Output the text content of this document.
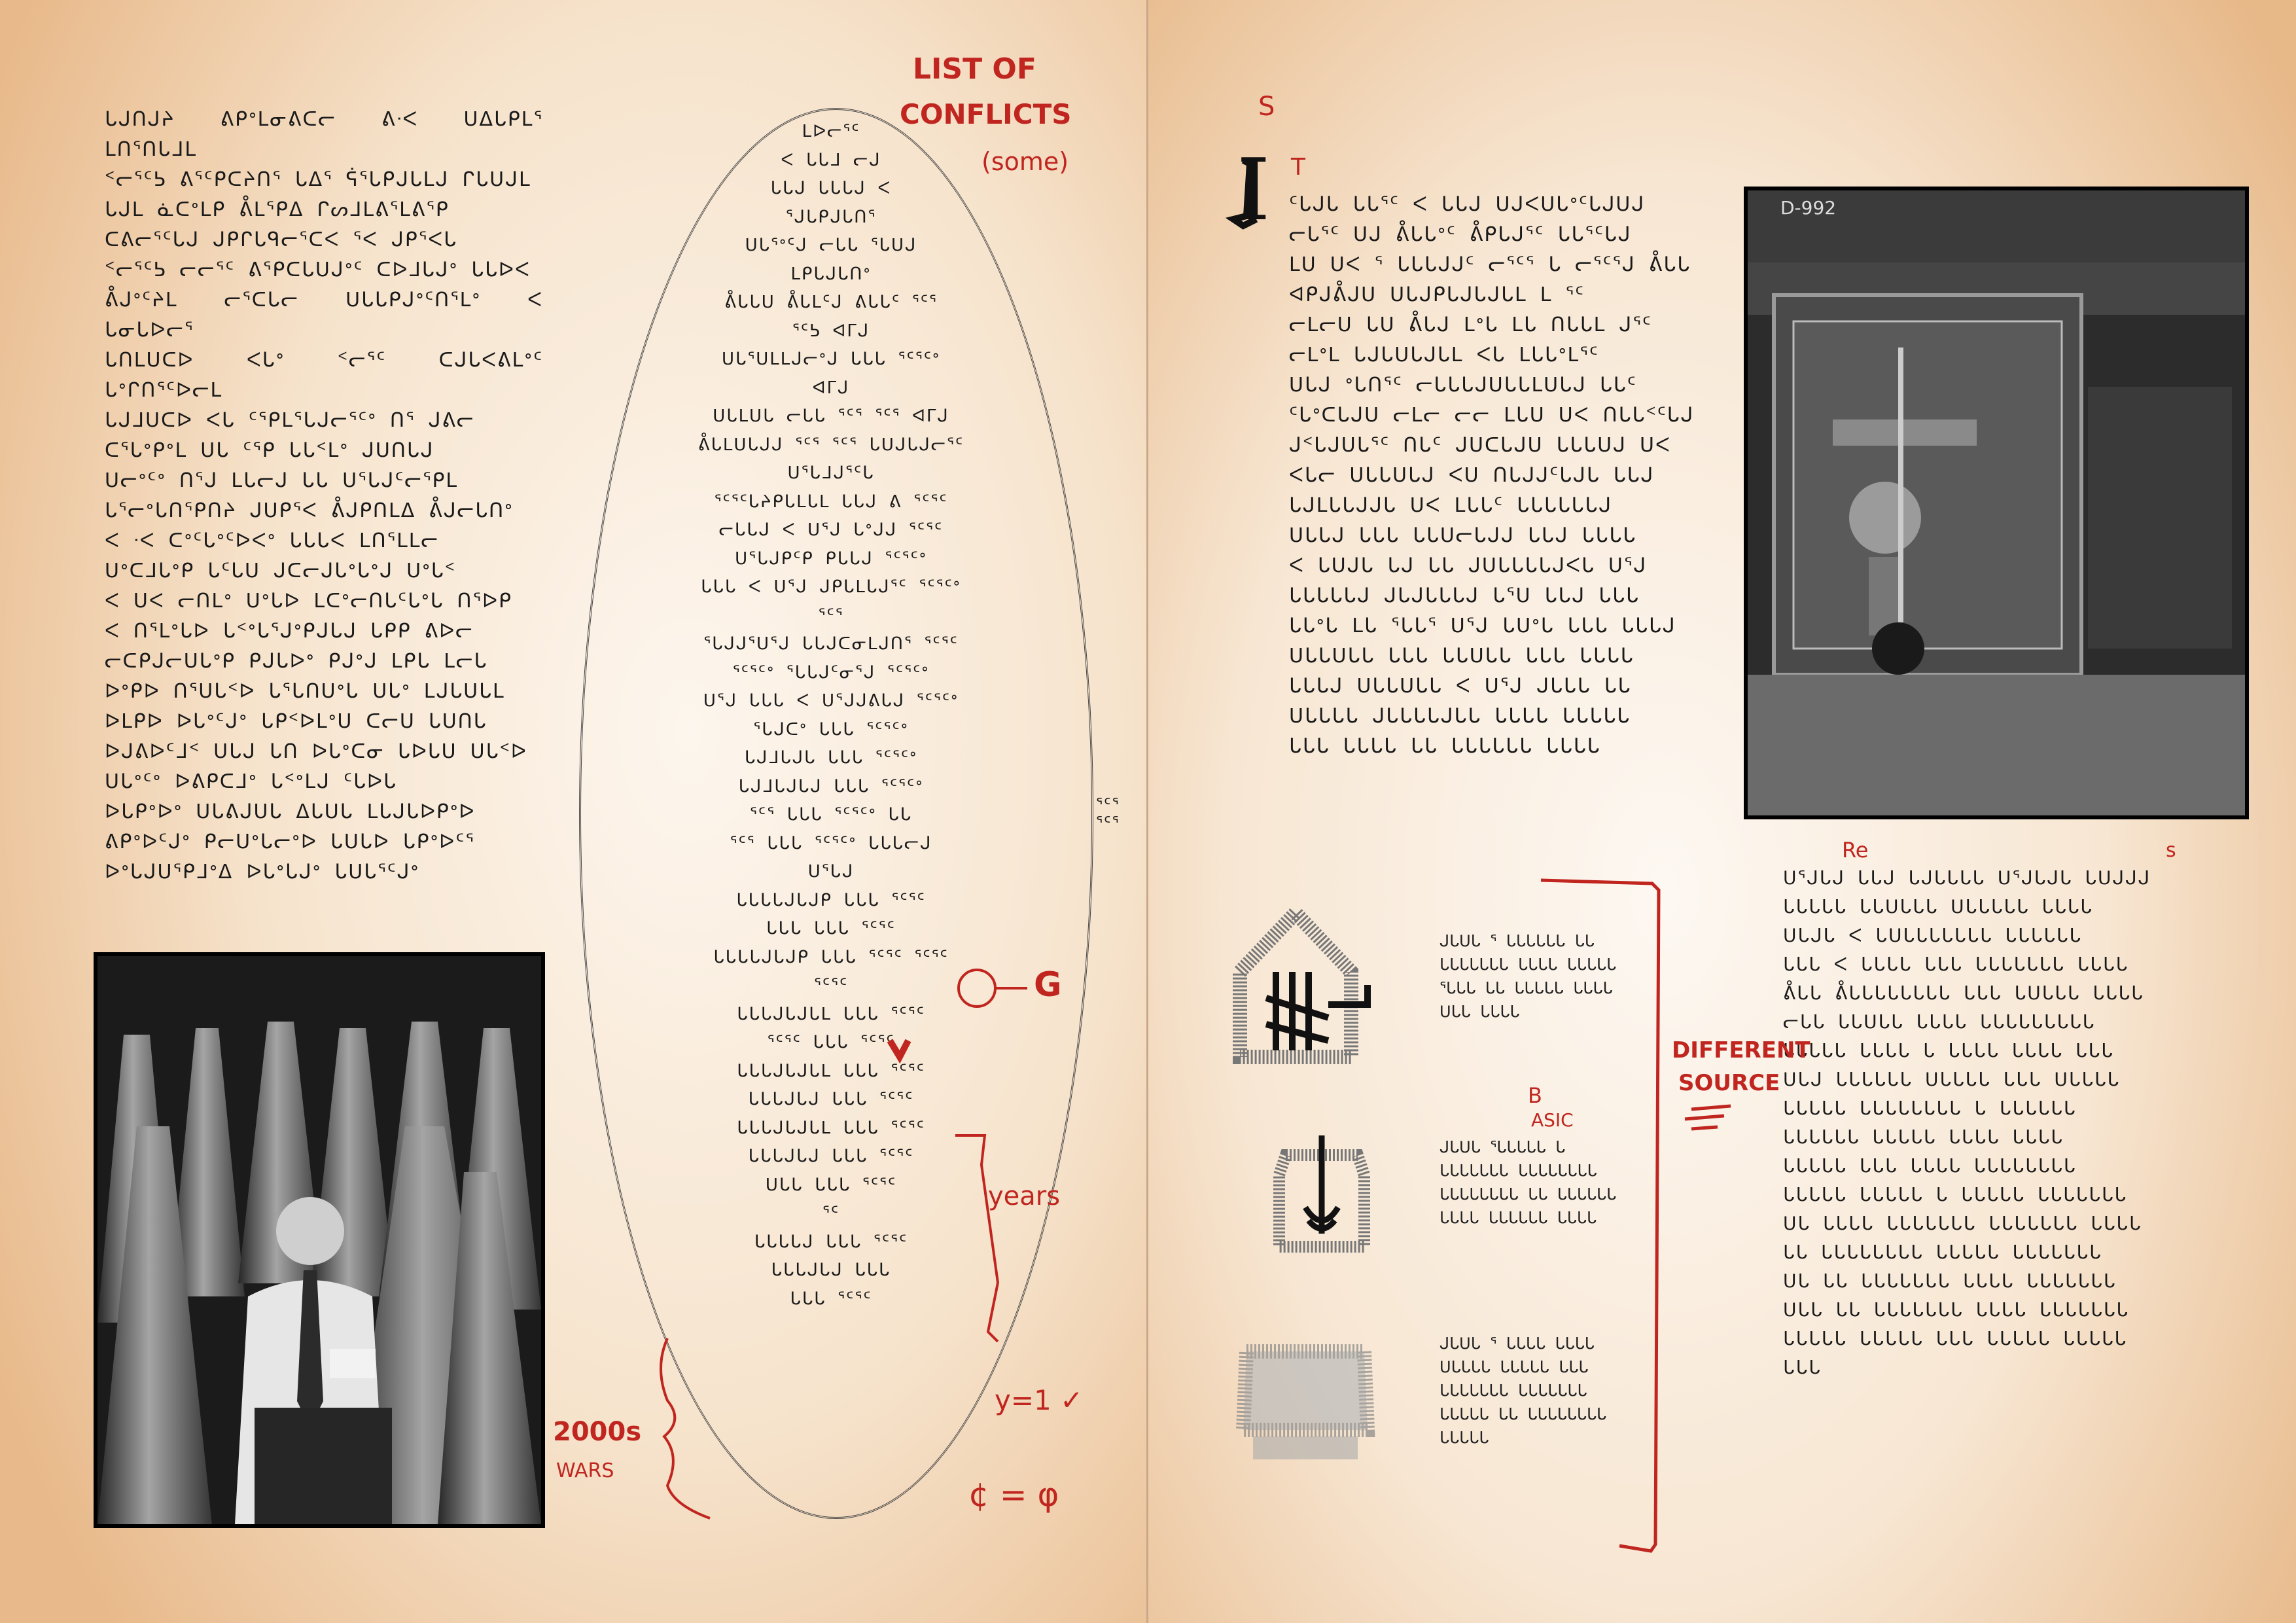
ᒐᒍᑎᒍᔨ ᕕᑭᐤᒪᓂᕕᑕᓕ ᕕᐧᐸ ᑌᐃᒐᑭᒪᕐ ᒪᑎᕐᑎᒐᒧᒪ
ᑉᓕᕐᑦᕊ ᕕᕐᑦᑭᑕᔨᑎᕐ ᒐᐃᕐ ᕌᕐᒐᑭᒍᒐᒪᒍ ᒋᒐᑌᒍᒪ
ᒐᒍᒪ ᓈᑕᐤᒪᑭ ᕔᒪᕐᑭᐃ ᒋᔕᒧᒪᕕᕐᒪᕕᕐᑭ
ᑕᕕᓕᕐᑦᒐᒍ ᒍᑭᒋᒐᑫᓕᕐᑕᐸ ᕐᐸ ᒍᑭᕐᐸᒐ
ᑉᓕᕐᑦᕊ ᓕᓕᕐᑦ ᕕᕐᑭᑕᒐᑌᒍᐤᑦ ᑕᐅᒧᒐᒍᐤ ᒐᒐᐅᐸ
ᕔᒍᐤᑦᔨᒪ ᓕᕐᑕᒐᓕ ᑌᒐᒐᑭᒍᐤᑦᑎᕐᒪᐤ ᐸ ᒐᓂᒐᐅᓕᕐ
ᒐᑎᒪᑌᑕᐅ ᐸᒐᐤ ᑉᓕᕐᑦ ᑕᒍᒐᐸᕕᒪᐤᑦ ᒐᐤᒋᑎᕐᑦᐅᓕᒪ
ᒐᒍᒧᑌᑕᐅ ᐸᒐ ᑦᕐᑭᒪᕐᒐᒍᓕᕐᑦᐤ ᑎᕐ ᒍᕕᓕ
ᑕᕐᒐᐤᑭᐤᒪ ᑌᒐ ᑦᕐᑭ ᒐᒐᑉᒪᐤ ᒍᑌᑎᒐᒍ
ᑌᓕᐤᑦᐤ ᑎᕐᒍ ᒪᒐᓕᒍ ᒐᒐ ᑌᕐᒐᒍᑦᓕᕐᑭᒪ
ᒐᕐᓕᐤᒐᑎᕐᑭᑎᔨ ᒍᑌᑭᕐᐸ ᕔᒍᑭᑎᒪᐃ ᕔᒍᓕᒐᑎᐤ
ᐸ ᐧᐸ ᑕᐤᑦᒐᐤᑦᐅᐸᐤ ᒐᒐᒐᐸ ᒪᑎᕐᒪᒪᓕ
ᑌᐤᑕᒧᒐᐤᑭ ᒐᑦᒐᑌ ᒍᑕᓕᒍᒐᐤᒐᐤᒍ ᑌᐤᒐᑉ
ᐸ ᑌᐸ ᓕᑎᒪᐤ ᑌᐤᒐᐅ ᒪᑕᐤᓕᑎᒐᑦᒐᐤᒐ ᑎᕐᐅᑭ
ᐸ ᑎᕐᒪᐤᒐᐅ ᒐᑉᐤᒐᕐᒍᐤᑭᒍᒐᒍ ᒐᑭᑭ ᕕᐅᓕ
ᓕᑕᑭᒍᓕᑌᒐᐤᑭ ᑭᒍᒐᐅᐤ ᑭᒍᐤᒍ ᒪᑭᒐ ᒪᓕᒐ
ᐅᐤᑭᐅ ᑎᕐᑌᒐᑉᐅ ᒐᕐᒐᑎᑌᐤᒐ ᑌᒐᐤ ᒪᒍᒐᑌᒐᒪ
ᐅᒪᑭᐅ ᐅᒐᐤᑦᒍᐤ ᒐᑭᑉᐅᒪᐤᑌ ᑕᓕᑌ ᒐᑌᑎᒐ
ᐅᒍᕕᐅᑦᒧᑉ ᑌᒐᒍ ᒐᑎ ᐅᒐᐤᑕᓂ ᒐᐅᒐᑌ ᑌᒐᑉᐅ
ᑌᒐᐤᑦᐤ ᐅᕕᑭᑕᒧᐤ ᒐᑉᐤᒪᒍ ᑦᒐᐅᒐ
ᐅᒐᑭᐤᐅᐤ ᑌᒐᕕᒍᑌᒐ ᐃᒐᑌᒐ ᒪᒐᒍᒐᐅᑭᐤᐅ
ᕕᑭᐤᐅᑦᒍᐤ ᑭᓕᑌᐤᒐᓕᐤᐅ ᒐᑌᒐᐅ ᒐᑭᐤᐅᑦᕐ
ᐅᐤᒐᒍᑌᕐᑭᒧᐤᐃ ᐅᒐᐤᒐᒍᐤ ᒐᑌᒐᕐᑦᒍᐤ
ᒪᐅᓕᕐᑦ
ᐸ ᒐᒐᒧ ᓕᒍ
ᒐᒐᒍ ᒐᒐᒐᒍ ᐸ
ᕐᒍᒐᑭᒍᒐᑎᕐ
ᑌᒐᕐᐤᑦᒍ ᓕᒐᒐ ᕐᒐᑌᒍ
ᒪᑭᒐᒍᒐᑎᐤ
ᕔᒐᒐᑌ ᕔᒐᒪᑦᒍ ᕕᒐᒐᑦ ᕐᑦᕐ
ᕐᑦᕊ ᐊᒥᒍ
ᑌᒐᕐᑌᒪᒪᒍᓕᐤᒍ ᒐᒐᒐ ᕐᑦᕐᑦᐤ
ᐊᒥᒍ
ᑌᒐᒪᑌᒐ ᓕᒐᒐ ᕐᑦᕐ ᕐᑦᕐ ᐊᒥᒍ
ᕔᒐᒪᑌᒐᒍᒍ ᕐᑦᕐ ᕐᑦᕐ ᒐᑌᒍᒐᒍᓕᕐᑦ
ᑌᕐᒐᒧᒍᕐᑦᒐ
ᕐᑦᕐᑦᒐᔨᑭᒐᒪᒐᒪ ᒐᒐᒍ ᕕ ᕐᑦᕐᑦ
ᓕᒐᒐᒍ ᐸ ᑌᕐᒍ ᒐᐤᒍᒍ ᕐᑦᕐᑦ
ᑌᕐᒐᒍᑭᑦᑭ ᑭᒐᒐᒍ ᕐᑦᕐᑦᐤ
ᒐᒐᒐ ᐸ ᑌᕐᒍ ᒍᑭᒐᒪᒐᒍᕐᑦ ᕐᑦᕐᑦᐤ
ᕐᑦᕐ
ᕐᒐᒍᒍᕐᑌᕐᒍ ᒐᒐᒍᑕᓂᒪᒍᑎᕐ ᕐᑦᕐᑦ
ᕐᑦᕐᑦᐤ ᕐᒐᒐᒍᑦᓂᕐᒍ ᕐᑦᕐᑦᐤ
ᑌᕐᒍ ᒐᒐᒐ ᐸ ᑌᕐᒍᒍᕕᒐᒍ ᕐᑦᕐᑦᐤ
ᕐᒐᒍᑕᐤ ᒐᒐᒐ ᕐᑦᕐᑦᐤ
ᒐᒍᒧᒐᒍᒐ ᒐᒐᒐ ᕐᑦᕐᑦᐤ
ᒐᒍᒧᒐᒍᒐᒍ ᒐᒐᒐ ᕐᑦᕐᑦᐤ
ᕐᑦᕐ ᒐᒐᒐ ᕐᑦᕐᑦᐤ ᒐᒐ
ᕐᑦᕐ ᒐᒐᒐ ᕐᑦᕐᑦᐤ ᒐᒐᒐᓕᒍ
ᑌᕐᒐᒍ
ᒐᒐᒐᒐᒍᒐᒍᑭ ᒐᒐᒐ ᕐᑦᕐᑦ
ᒐᒐᒐ ᒐᒐᒐ ᕐᑦᕐᑦ
ᒐᒐᒐᒐᒍᒐᒍᑭ ᒐᒐᒐ ᕐᑦᕐᑦ ᕐᑦᕐᑦ
ᕐᑦᕐᑦ
ᒐᒐᒐᒍᒐᒍᒐᒪ ᒐᒐᒐ ᕐᑦᕐᑦ
ᕐᑦᕐᑦ ᒐᒐᒐ ᕐᑦᕐᑦ
ᒐᒐᒐᒍᒐᒍᒐᒪ ᒐᒐᒐ ᕐᑦᕐᑦ
ᒐᒐᒐᒍᒐᒍ ᒐᒐᒐ ᕐᑦᕐᑦ
ᒐᒐᒐᒍᒐᒍᒐᒪ ᒐᒐᒐ ᕐᑦᕐᑦ
ᒐᒐᒐᒍᒐᒍ ᒐᒐᒐ ᕐᑦᕐᑦ
ᑌᒐᒐ ᒐᒐᒐ ᕐᑦᕐᑦ
ᕐᑦ
ᒐᒐᒐᒐᒍ ᒐᒐᒐ ᕐᑦᕐᑦ
ᒐᒐᒐᒍᒐᒍ ᒐᒐᒐ
ᒐᒐᒐ ᕐᑦᕐᑦ
ᕐᑦᕐ ᕐᑦᕐ
LIST OF
CONFLICTS
(some)
years
G
y=1 ✓
¢ = φ
2000s
WARS
I ᑦᒐᒍᒐ ᒐᒐᕐᑦ ᐸ ᒐᒐᒍ ᑌᒍᐸᑌᒐᐤᑦᒐᒍᑌᒍ
ᓕᒐᕐᑦ ᑌᒍ ᕔᒐᒐᐤᑦ ᕔᑭᒐᒍᕐᑦ ᒐᒐᕐᑦᒐᒍ
ᒪᑌ ᑌᐸ ᕐ ᒐᒐᒐᒍᒍᑦ ᓕᕐᑦᕐ ᒐ ᓕᕐᑦᕐᒍ ᕔᒐᒐ
ᐊᑭᒍᕔᒍᑌ ᑌᒐᒍᑭᒐᒍᒐᒍᒐᒪ ᒪ ᕐᑦ
ᓕᒪᓕᑌ ᒐᑌ ᕔᒐᒍ ᒪᐤᒐ ᒪᒐ ᑎᒐᒐᒪ ᒍᕐᑦ
ᓕᒪᐤᒪ ᒐᒍᒐᑌᒐᒍᒐᒪ ᐸᒐ ᒪᒐᒐᐤᒪᕐᑦ
ᑌᒐᒍ ᐤᒐᑎᕐᑦ ᓕᒐᒐᒐᒍᑌᒐᒐᒪᑌᒐᒍ ᒐᒐᑦ
ᑦᒐᐤᑕᒐᒍᑌ ᓕᒪᓕ ᓕᓕ ᒪᒐᑌ ᑌᐸ ᑎᒐᒐᑉᑦᒐᒍ
ᒍᑉᒐᒍᑌᒐᕐᑦ ᑎᒐᑦ ᒍᑌᑕᒐᒍᑌ ᒐᒐᒐᑌᒍ ᑌᐸ
ᐸᒐᓕ ᑌᒐᒐᑌᒐᒍ ᐸᑌ ᑎᒐᒍᒍᑦᒐᒍᒐ ᒐᒐᒍ
ᒐᒍᒪᒐᒐᒍᒍᒐ ᑌᐸ ᒪᒐᒐᑦ ᒐᒐᒐᒐᒐᒐᒍ
ᑌᒐᒐᒍ ᒐᒐᒐ ᒐᒐᑌᓕᒐᒍᒍ ᒐᒐᒍ ᒐᒐᒐᒐ
ᐸ ᒐᑌᒍᒐ ᒐᒍ ᒐᒐ ᒍᑌᒐᒐᒐᒐᒍᐸᒐ ᑌᕐᒍ
ᒐᒐᒐᒐᒐᒍ ᒍᒐᒍᒐᒐᒐᒍ ᒐᕐᑌ ᒐᒐᒍ ᒐᒐᒐ
ᒐᒐᐤᒐ ᒪᒐ ᕐᒐᒐᕐ ᑌᕐᒍ ᒐᑌᐤᒐ ᒐᒐᒐ ᒐᒐᒐᒍ
ᑌᒐᒐᑌᒐᒐ ᒐᒐᒐ ᒐᒐᑌᒐᒐ ᒐᒐᒐ ᒐᒐᒐᒐ
ᒐᒐᒐᒍ ᑌᒐᒐᑌᒐᒐ ᐸ ᑌᕐᒍ ᒍᒐᒐᒐ ᒐᒐ
ᑌᒐᒐᒐᒐ ᒍᒐᒐᒐᒐᒍᒐᒐ ᒐᒐᒐᒐ ᒐᒐᒐᒐᒐ
ᒐᒐᒐ ᒐᒐᒐᒐ ᒐᒐ ᒐᒐᒐᒐᒐᒐ ᒐᒐᒐᒐ
D-992
ᒍᒐᑌᒐ ᕐ ᒐᒐᒐᒐᒐᒐ ᒐᒐ
ᒐᒐᒐᒐᒐᒐᒐ ᒐᒐᒐᒐ ᒐᒐᒐᒐᒐ
ᕐᒐᒐᒐ ᒐᒐ ᒐᒐᒐᒐᒐ ᒐᒐᒐᒐ
ᑌᒐᒐ ᒐᒐᒐᒐ
ᒍᒐᑌᒐ ᕐᒐᒐᒐᒐᒐ ᒐ
ᒐᒐᒐᒐᒐᒐᒐ ᒐᒐᒐᒐᒐᒐᒐᒐ
ᒐᒐᒐᒐᒐᒐᒐᒐ ᒐᒐ ᒐᒐᒐᒐᒐᒐ
ᒐᒐᒐᒐ ᒐᒐᒐᒐᒐᒐ ᒐᒐᒐᒐ
ᒍᒐᑌᒐ ᕐ ᒐᒐᒐᒐ ᒐᒐᒐᒐ
ᑌᒐᒐᒐᒐ ᒐᒐᒐᒐᒐ ᒐᒐᒐ
ᒐᒐᒐᒐᒐᒐᒐ ᒐᒐᒐᒐᒐᒐᒐ
ᒐᒐᒐᒐᒐ ᒐᒐ ᒐᒐᒐᒐᒐᒐᒐᒐ
ᒐᒐᒐᒐᒐ
ᑌᕐᒍᒐᒍ ᒐᒐᒍ ᒐᒍᒐᒐᒐᒐ ᑌᕐᒍᒐᒍᒐ ᒐᑌᒍᒍᒍ
ᒐᒐᒐᒐᒐ ᒐᒐᑌᒐᒐᒐ ᑌᒐᒐᒐᒐᒐ ᒐᒐᒐᒐ
ᑌᒐᒍᒐ ᐸ ᒐᑌᒐᒐᒐᒐᒐᒐᒐ ᒐᒐᒐᒐᒐᒐ
ᒐᒐᒐ ᐸ ᒐᒐᒐᒐ ᒐᒐᒐ ᒐᒐᒐᒐᒐᒐᒐ ᒐᒐᒐᒐ
ᕔᒐᒐ ᕔᒐᒐᒐᒐᒐᒐᒐᒐ ᒐᒐᒐ ᒐᑌᒐᒐᒐ ᒐᒐᒐᒐ
ᓕᒐᒐ ᒐᒐᑌᒐᒐ ᒐᒐᒐᒐ ᒐᒐᒐᒐᒐᒐᒐᒐᒐ
ᒐᒐᒐᒐᒐ ᒐᒐᒐᒐ ᒐ ᒐᒐᒐᒐ ᒐᒐᒐᒐ ᒐᒐᒐ
ᑌᒐᒍ ᒐᒐᒐᒐᒐᒐ ᑌᒐᒐᒐᒐ ᒐᒐᒐ ᑌᒐᒐᒐᒐ
ᒐᒐᒐᒐᒐ ᒐᒐᒐᒐᒐᒐᒐᒐ ᒐ ᒐᒐᒐᒐᒐᒐ
ᒐᒐᒐᒐᒐᒐ ᒐᒐᒐᒐᒐ ᒐᒐᒐᒐ ᒐᒐᒐᒐ
ᒐᒐᒐᒐᒐ ᒐᒐᒐ ᒐᒐᒐᒐ ᒐᒐᒐᒐᒐᒐᒐᒐ
ᒐᒐᒐᒐᒐ ᒐᒐᒐᒐᒐ ᒐ ᒐᒐᒐᒐᒐ ᒐᒐᒐᒐᒐᒐᒐ
ᑌᒐ ᒐᒐᒐᒐ ᒐᒐᒐᒐᒐᒐᒐ ᒐᒐᒐᒐᒐᒐᒐ ᒐᒐᒐᒐ
ᒐᒐ ᒐᒐᒐᒐᒐᒐᒐᒐ ᒐᒐᒐᒐᒐ ᒐᒐᒐᒐᒐᒐᒐ
ᑌᒐ ᒐᒐ ᒐᒐᒐᒐᒐᒐᒐ ᒐᒐᒐᒐ ᒐᒐᒐᒐᒐᒐᒐ
ᑌᒐᒐ ᒐᒐ ᒐᒐᒐᒐᒐᒐᒐ ᒐᒐᒐᒐ ᒐᒐᒐᒐᒐᒐᒐ
ᒐᒐᒐᒐᒐ ᒐᒐᒐᒐᒐ ᒐᒐᒐ ᒐᒐᒐᒐᒐ ᒐᒐᒐᒐᒐ
ᒐᒐᒐ
S
T
Re	s
B
ASIC
DIFFERENT
SOURCE
